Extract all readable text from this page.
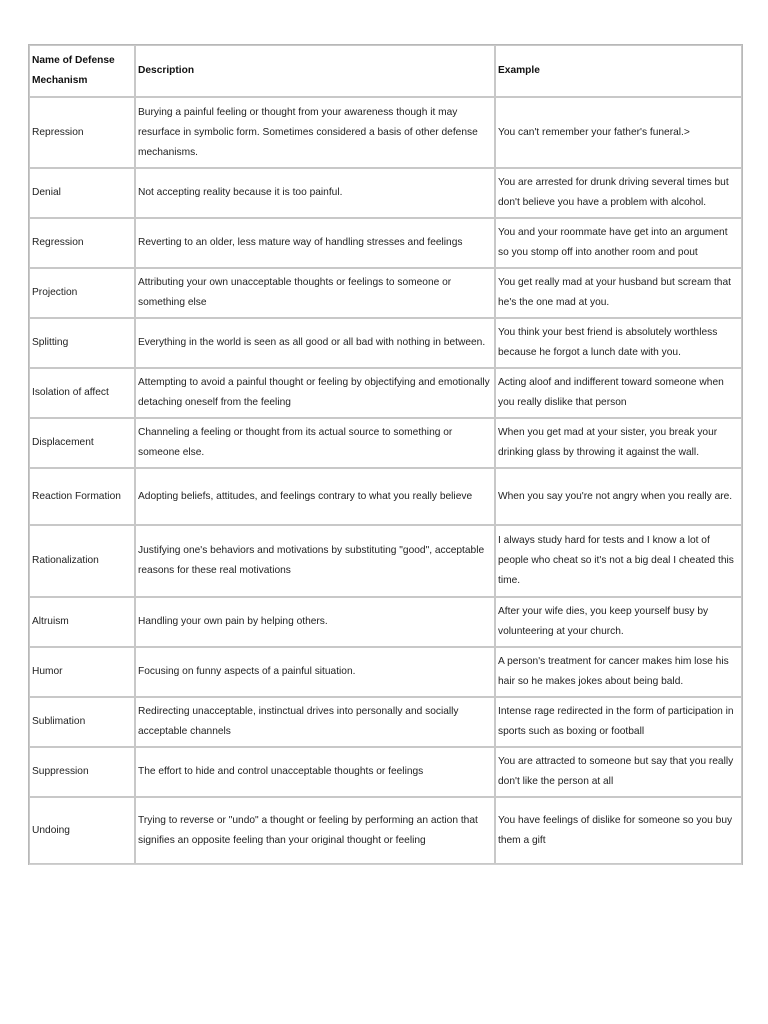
Name of Defense Mechanism	Description	Example
Repression	Burying a painful feeling or thought from your awareness though it may resurface in symbolic form. Sometimes considered a basis of other defense mechanisms.	You can't remember your father's funeral.>
Denial	Not accepting reality because it is too painful.	You are arrested for drunk driving several times but don't believe you have a problem with alcohol.
Regression	Reverting to an older, less mature way of handling stresses and feelings	You and your roommate have get into an argument so you stomp off into another room and pout
Projection	Attributing your own unacceptable thoughts or feelings to someone or something else	You get really mad at your husband but scream that he's the one mad at you.
Splitting	Everything in the world is seen as all good or all bad with nothing in between.	You think your best friend is absolutely worthless because he forgot a lunch date with you.
Isolation of affect	Attempting to avoid a painful thought or feeling by objectifying and emotionally detaching oneself from the feeling	Acting aloof and indifferent toward someone when you really dislike that person
Displacement	Channeling a feeling or thought from its actual source to something or someone else.	When you get mad at your sister, you break your drinking glass by throwing it against the wall.
Reaction Formation	Adopting beliefs, attitudes, and feelings contrary to what you really believe	When you say you're not angry when you really are.
Rationalization	Justifying one's behaviors and motivations by substituting "good", acceptable reasons for these real motivations	I always study hard for tests and I know a lot of people who cheat so it's not a big deal I cheated this time.
Altruism	Handling your own pain by helping others.	After your wife dies, you keep yourself busy by volunteering at your church.
Humor	Focusing on funny aspects of a painful situation.	A person's treatment for cancer makes him lose his hair so he makes jokes about being bald.
Sublimation	Redirecting unacceptable, instinctual drives into personally and socially acceptable channels	Intense rage redirected in the form of participation in sports such as boxing or football
Suppression	The effort to hide and control unacceptable thoughts or feelings	You are attracted to someone but say that you really don't like the person at all
Undoing	Trying to reverse or "undo" a thought or feeling by performing an action that signifies an opposite feeling than your original thought or feeling	You have feelings of dislike for someone so you buy them a gift
